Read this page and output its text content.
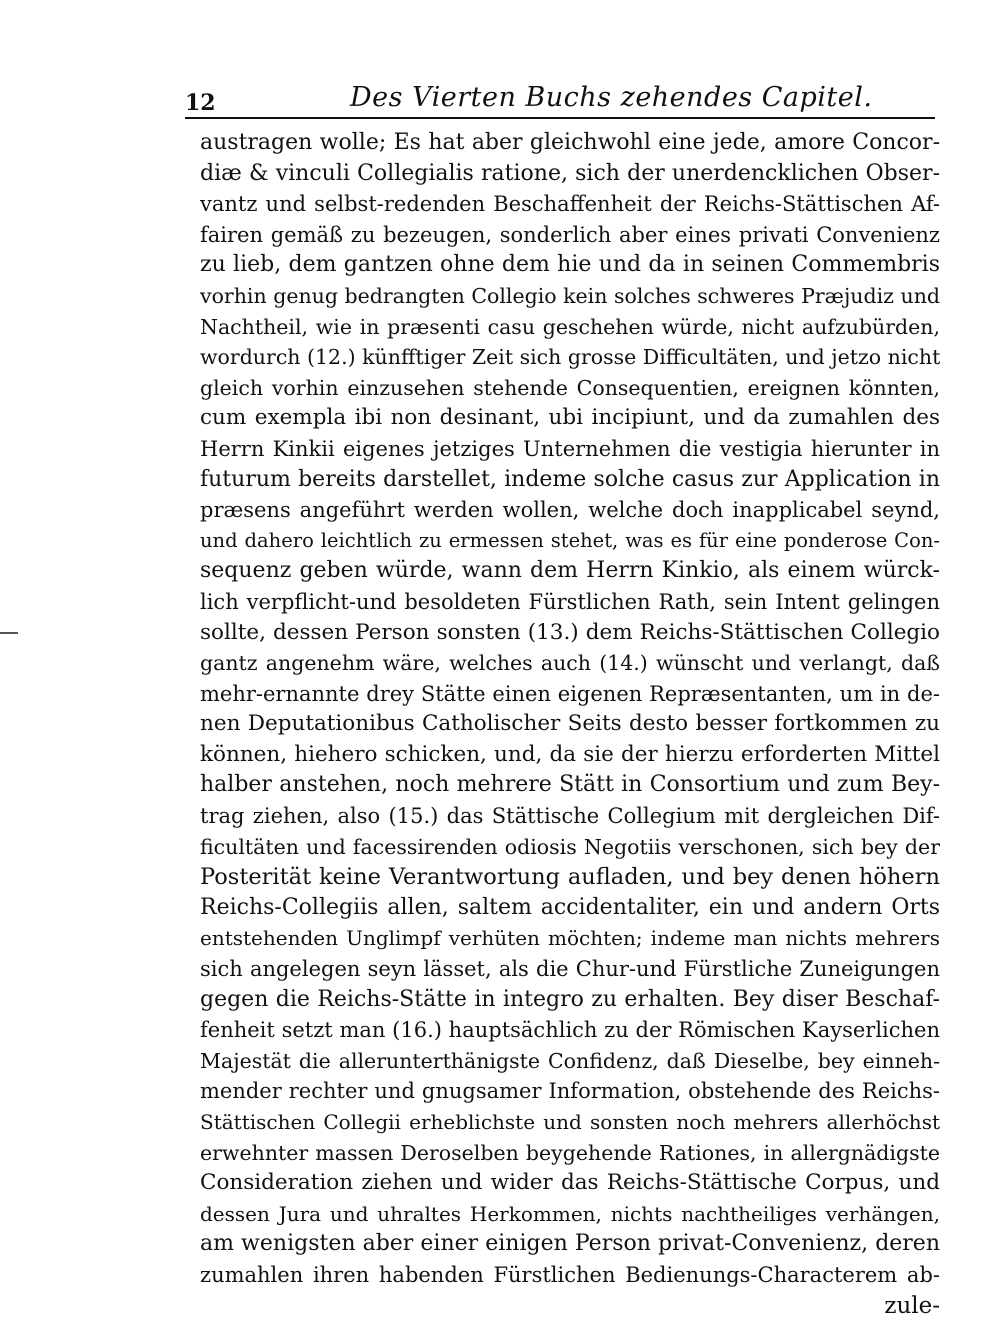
12	Des Vierten Buchs zehendes Capitel.
austragen wolle; Es hat aber gleichwohl eine jede, amore Concor-
diæ & vinculi Collegialis ratione, sich der unerdencklichen Obser-
vantz und selbst-redenden Beschaffenheit der Reichs-Stättischen Af-
fairen gemäß zu bezeugen, sonderlich aber eines privati Convenienz
zu lieb, dem gantzen ohne dem hie und da in seinen Commembris
vorhin genug bedrangten Collegio kein solches schweres Præjudiz und
Nachtheil, wie in præsenti casu geschehen würde, nicht aufzubürden,
wordurch (12.) künfftiger Zeit sich grosse Difficultäten, und jetzo nicht
gleich vorhin einzusehen stehende Consequentien, ereignen könnten,
cum exempla ibi non desinant, ubi incipiunt, und da zumahlen des
Herrn Kinkii eigenes jetziges Unternehmen die vestigia hierunter in
futurum bereits darstellet, indeme solche casus zur Application in
præsens angeführt werden wollen, welche doch inapplicabel seynd,
und dahero leichtlich zu ermessen stehet, was es für eine ponderose Con-
sequenz geben würde, wann dem Herrn Kinkio, als einem würck-
lich verpflicht-und besoldeten Fürstlichen Rath, sein Intent gelingen
sollte, dessen Person sonsten (13.) dem Reichs-Stättischen Collegio
gantz angenehm wäre, welches auch (14.) wünscht und verlangt, daß
mehr-ernannte drey Stätte einen eigenen Repræsentanten, um in de-
nen Deputationibus Catholischer Seits desto besser fortkommen zu
können, hiehero schicken, und, da sie der hierzu erforderten Mittel
halber anstehen, noch mehrere Stätt in Consortium und zum Bey-
trag ziehen, also (15.) das Stättische Collegium mit dergleichen Dif-
ficultäten und facessirenden odiosis Negotiis verschonen, sich bey der
Posterität keine Verantwortung aufladen, und bey denen höhern
Reichs-Collegiis allen, saltem accidentaliter, ein und andern Orts
entstehenden Unglimpf verhüten möchten; indeme man nichts mehrers
sich angelegen seyn lässet, als die Chur-und Fürstliche Zuneigungen
gegen die Reichs-Stätte in integro zu erhalten. Bey diser Beschaf-
fenheit setzt man (16.) hauptsächlich zu der Römischen Kayserlichen
Majestät die allerunterthänigste Confidenz, daß Dieselbe, bey einneh-
mender rechter und gnugsamer Information, obstehende des Reichs-
Stättischen Collegii erheblichste und sonsten noch mehrers allerhöchst
erwehnter massen Deroselben beygehende Rationes, in allergnädigste
Consideration ziehen und wider das Reichs-Stättische Corpus, und
dessen Jura und uhraltes Herkommen, nichts nachtheiliges verhängen,
am wenigsten aber einer einigen Person privat-Convenienz, deren
zumahlen ihren habenden Fürstlichen Bedienungs-Characterem ab-
zule-
